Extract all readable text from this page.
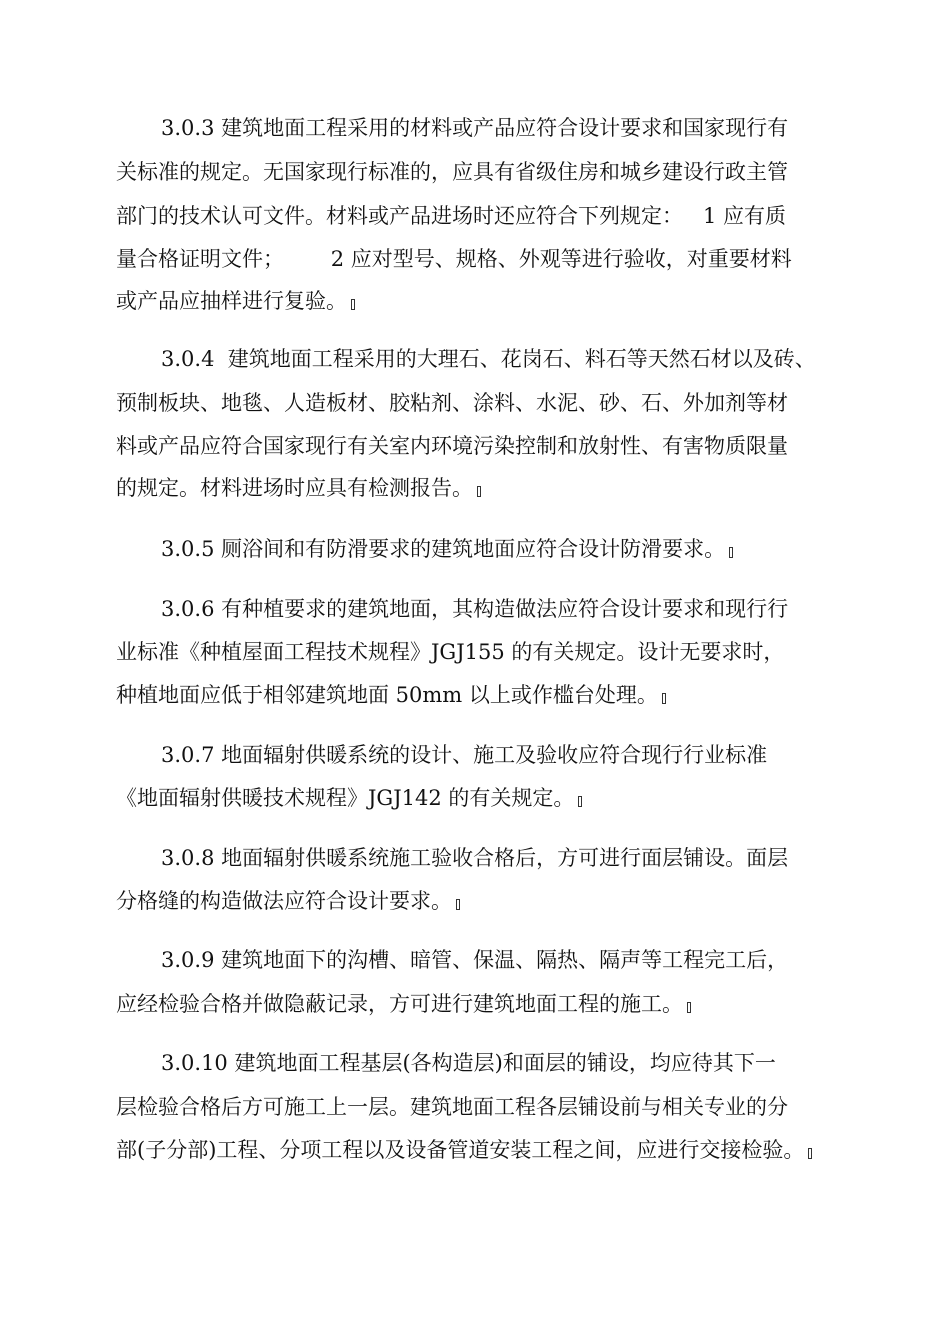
3.0.3 建筑地面工程采用的材料或产品应符合设计要求和国家现行有
关标准的规定。无国家现行标准的，应具有省级住房和城乡建设行政主管
部门的技术认可文件。材料或产品进场时还应符合下列规定：   1 应有质
量合格证明文件；       2 应对型号、规格、外观等进行验收，对重要材料
或产品应抽样进行复验。
3.0.4  建筑地面工程采用的大理石、花岗石、料石等天然石材以及砖、
预制板块、地毯、人造板材、胶粘剂、涂料、水泥、砂、石、外加剂等材
料或产品应符合国家现行有关室内环境污染控制和放射性、有害物质限量
的规定。材料进场时应具有检测报告。
3.0.5 厕浴间和有防滑要求的建筑地面应符合设计防滑要求。
3.0.6 有种植要求的建筑地面，其构造做法应符合设计要求和现行行
业标准《种植屋面工程技术规程》JGJ155 的有关规定。设计无要求时，
种植地面应低于相邻建筑地面 50mm 以上或作槛台处理。
3.0.7 地面辐射供暖系统的设计、施工及验收应符合现行行业标准
《地面辐射供暖技术规程》JGJ142 的有关规定。
3.0.8 地面辐射供暖系统施工验收合格后，方可进行面层铺设。面层
分格缝的构造做法应符合设计要求。
3.0.9 建筑地面下的沟槽、暗管、保温、隔热、隔声等工程完工后，
应经检验合格并做隐蔽记录，方可进行建筑地面工程的施工。
3.0.10 建筑地面工程基层(各构造层)和面层的铺设，均应待其下一
层检验合格后方可施工上一层。建筑地面工程各层铺设前与相关专业的分
部(子分部)工程、分项工程以及设备管道安装工程之间，应进行交接检验。
